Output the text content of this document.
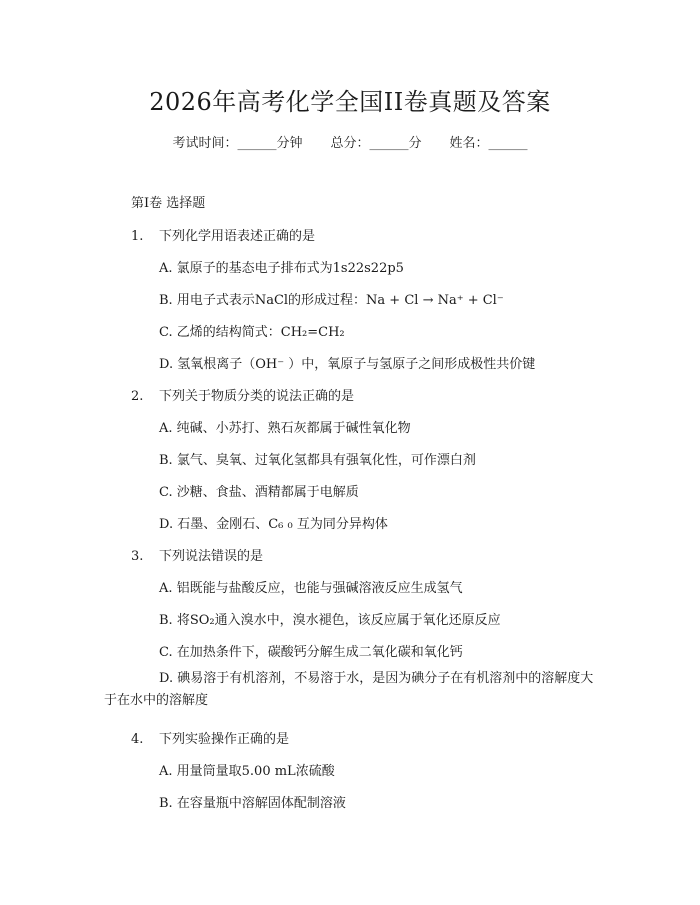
2026年高考化学全国II卷真题及答案
考试时间：______分钟 总分：______分 姓名：______
第Ⅰ卷 选择题
1. 下列化学用语表述正确的是
A. 氯原子的基态电子排布式为1s22s22p5
B. 用电子式表示NaCl的形成过程：Na + Cl → Na⁺ + Cl⁻
C. 乙烯的结构简式：CH₂=CH₂
D. 氢氧根离子（OH⁻ ）中，氧原子与氢原子之间形成极性共价键
2. 下列关于物质分类的说法正确的是
A. 纯碱、小苏打、熟石灰都属于碱性氧化物
B. 氯气、臭氧、过氧化氢都具有强氧化性，可作漂白剂
C. 沙糖、食盐、酒精都属于电解质
D. 石墨、金刚石、C₆ ₀ 互为同分异构体
3. 下列说法错误的是
A. 铝既能与盐酸反应，也能与强碱溶液反应生成氢气
B. 将SO₂通入溴水中，溴水褪色，该反应属于氧化还原反应
C. 在加热条件下，碳酸钙分解生成二氧化碳和氧化钙
D. 碘易溶于有机溶剂，不易溶于水，是因为碘分子在有机溶剂中的溶解度大于在水中的溶解度
4. 下列实验操作正确的是
A. 用量筒量取5.00 mL浓硫酸
B. 在容量瓶中溶解固体配制溶液
